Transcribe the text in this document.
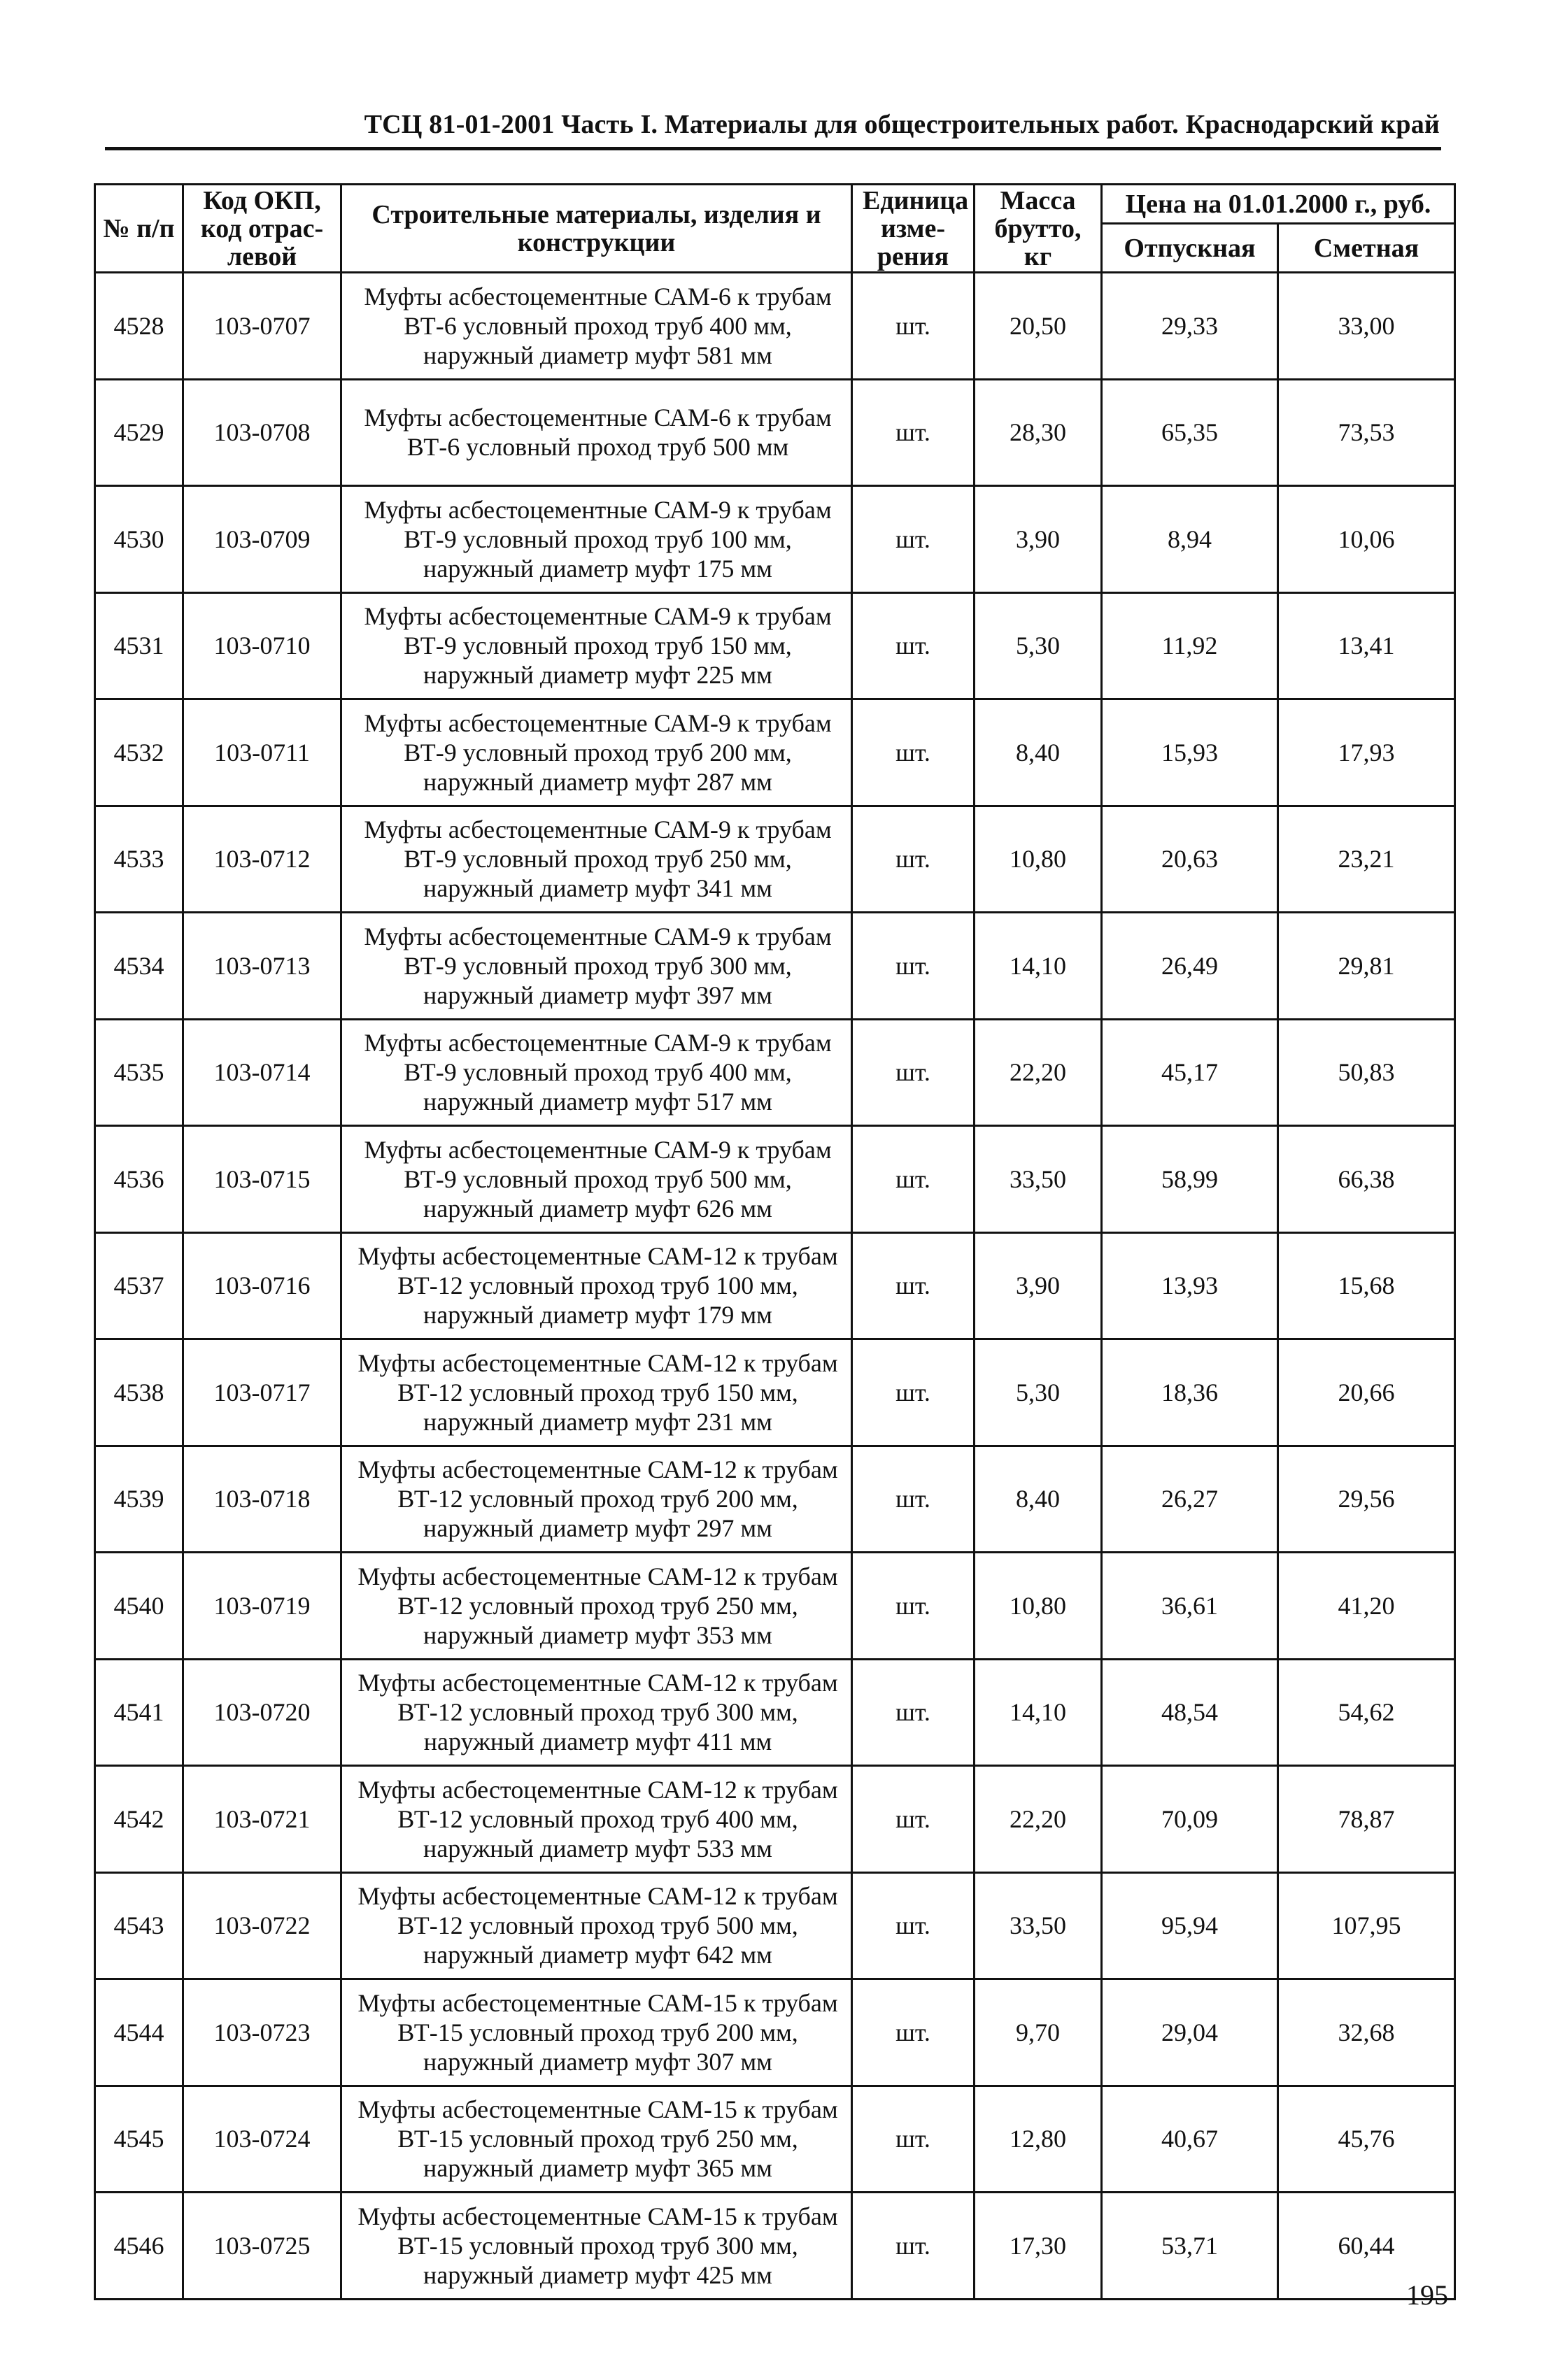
ТСЦ 81-01-2001 Часть I. Материалы для общестроительных работ. Краснодарский край
№ п/п	Код ОКП, код отрас-левой	Строительные материалы, изделия и конструкции	Единица изме-рения	Масса брутто, кг	Цена на 01.01.2000 г., руб.	
					Отпускная	Сметная
4528	103-0707	Муфты асбестоцементные САМ-6 к трубам ВТ-6 условный проход труб 400 мм, наружный диаметр муфт 581 мм	шт.	20,50	29,33	33,00
4529	103-0708	Муфты асбестоцементные САМ-6 к трубам ВТ-6 условный проход труб 500 мм	шт.	28,30	65,35	73,53
4530	103-0709	Муфты асбестоцементные САМ-9 к трубам ВТ-9 условный проход труб 100 мм, наружный диаметр муфт 175 мм	шт.	3,90	8,94	10,06
4531	103-0710	Муфты асбестоцементные САМ-9 к трубам ВТ-9 условный проход труб 150 мм, наружный диаметр муфт 225 мм	шт.	5,30	11,92	13,41
4532	103-0711	Муфты асбестоцементные САМ-9 к трубам ВТ-9 условный проход труб 200 мм, наружный диаметр муфт 287 мм	шт.	8,40	15,93	17,93
4533	103-0712	Муфты асбестоцементные САМ-9 к трубам ВТ-9 условный проход труб 250 мм, наружный диаметр муфт 341 мм	шт.	10,80	20,63	23,21
4534	103-0713	Муфты асбестоцементные САМ-9 к трубам ВТ-9 условный проход труб 300 мм, наружный диаметр муфт 397 мм	шт.	14,10	26,49	29,81
4535	103-0714	Муфты асбестоцементные САМ-9 к трубам ВТ-9 условный проход труб 400 мм, наружный диаметр муфт 517 мм	шт.	22,20	45,17	50,83
4536	103-0715	Муфты асбестоцементные САМ-9 к трубам ВТ-9 условный проход труб 500 мм, наружный диаметр муфт 626 мм	шт.	33,50	58,99	66,38
4537	103-0716	Муфты асбестоцементные САМ-12 к трубам ВТ-12 условный проход труб 100 мм, наружный диаметр муфт 179 мм	шт.	3,90	13,93	15,68
4538	103-0717	Муфты асбестоцементные САМ-12 к трубам ВТ-12 условный проход труб 150 мм, наружный диаметр муфт 231 мм	шт.	5,30	18,36	20,66
4539	103-0718	Муфты асбестоцементные САМ-12 к трубам ВТ-12 условный проход труб 200 мм, наружный диаметр муфт 297 мм	шт.	8,40	26,27	29,56
4540	103-0719	Муфты асбестоцементные САМ-12 к трубам ВТ-12 условный проход труб 250 мм, наружный диаметр муфт 353 мм	шт.	10,80	36,61	41,20
4541	103-0720	Муфты асбестоцементные САМ-12 к трубам ВТ-12 условный проход труб 300 мм, наружный диаметр муфт 411 мм	шт.	14,10	48,54	54,62
4542	103-0721	Муфты асбестоцементные САМ-12 к трубам ВТ-12 условный проход труб 400 мм, наружный диаметр муфт 533 мм	шт.	22,20	70,09	78,87
4543	103-0722	Муфты асбестоцементные САМ-12 к трубам ВТ-12 условный проход труб 500 мм, наружный диаметр муфт 642 мм	шт.	33,50	95,94	107,95
4544	103-0723	Муфты асбестоцементные САМ-15 к трубам ВТ-15 условный проход труб 200 мм, наружный диаметр муфт 307 мм	шт.	9,70	29,04	32,68
4545	103-0724	Муфты асбестоцементные САМ-15 к трубам ВТ-15 условный проход труб 250 мм, наружный диаметр муфт 365 мм	шт.	12,80	40,67	45,76
4546	103-0725	Муфты асбестоцементные САМ-15 к трубам ВТ-15 условный проход труб 300 мм, наружный диаметр муфт 425 мм	шт.	17,30	53,71	60,44
195
